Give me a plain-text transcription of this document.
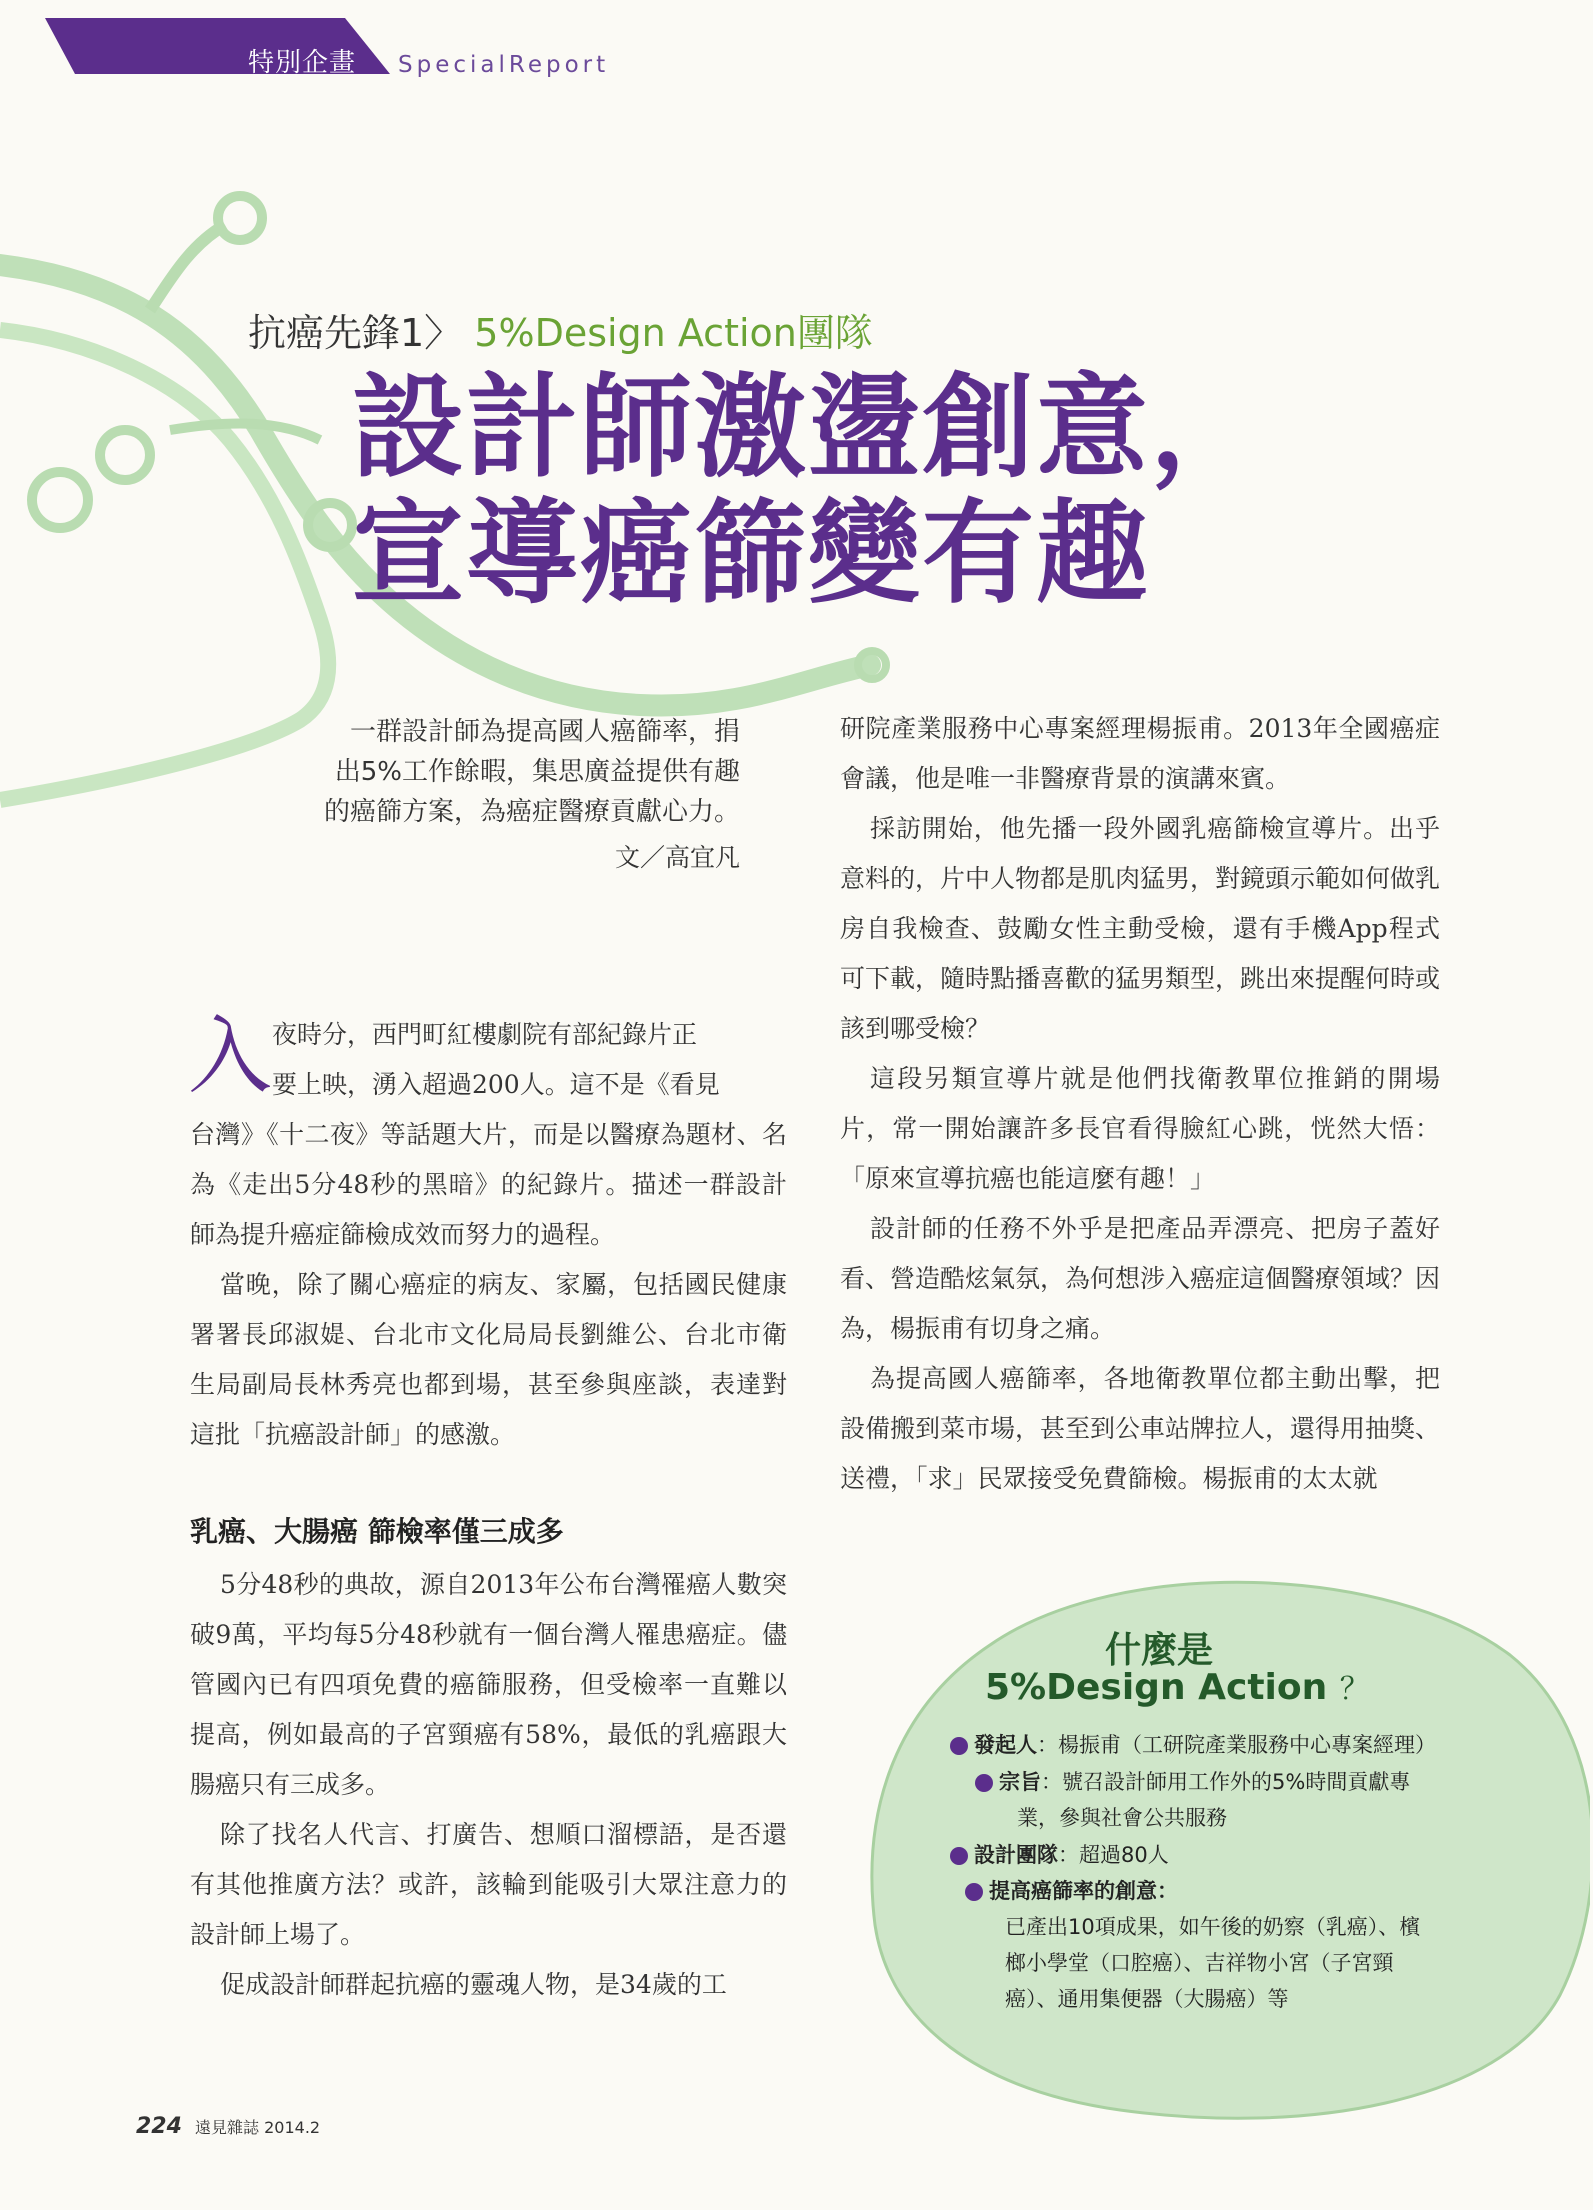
特別企畫 SpecialReport
抗癌先鋒1〉 5%Design Action團隊
設計師激盪創意，
宣導癌篩變有趣
一群設計師為提高國人癌篩率，捐
出5%工作餘暇，集思廣益提供有趣
的癌篩方案，為癌症醫療貢獻心力。
文／高宜凡
入 夜時分，西門町紅樓劇院有部紀錄片正
要上映，湧入超過200人。這不是《看見
台灣》《十二夜》等話題大片，而是以醫療為題材、名為《走出5分48秒的黑暗》的紀錄片。描述一群設計師為提升癌症篩檢成效而努力的過程。

當晚，除了關心癌症的病友、家屬，包括國民健康署署長邱淑媞、台北市文化局局長劉維公、台北市衛生局副局長林秀亮也都到場，甚至參與座談，表達對這批「抗癌設計師」的感激。

乳癌、大腸癌 篩檢率僅三成多

5分48秒的典故，源自2013年公布台灣罹癌人數突破9萬，平均每5分48秒就有一個台灣人罹患癌症。儘管國內已有四項免費的癌篩服務，但受檢率一直難以提高，例如最高的子宮頸癌有58%，最低的乳癌跟大腸癌只有三成多。

除了找名人代言、打廣告、想順口溜標語，是否還有其他推廣方法？或許，該輪到能吸引大眾注意力的設計師上場了。

促成設計師群起抗癌的靈魂人物，是34歲的工

研院產業服務中心專案經理楊振甫。2013年全國癌症會議，他是唯一非醫療背景的演講來賓。

採訪開始，他先播一段外國乳癌篩檢宣導片。出乎意料的，片中人物都是肌肉猛男，對鏡頭示範如何做乳房自我檢查、鼓勵女性主動受檢，還有手機App程式可下載，隨時點播喜歡的猛男類型，跳出來提醒何時或該到哪受檢？

這段另類宣導片就是他們找衛教單位推銷的開場片，常一開始讓許多長官看得臉紅心跳，恍然大悟：「原來宣導抗癌也能這麼有趣！」

設計師的任務不外乎是把產品弄漂亮、把房子蓋好看、營造酷炫氣氛，為何想涉入癌症這個醫療領域？因為，楊振甫有切身之痛。

為提高國人癌篩率，各地衛教單位都主動出擊，把設備搬到菜市場，甚至到公車站牌拉人，還得用抽獎、送禮，「求」民眾接受免費篩檢。楊振甫的太太就

什麼是
5%Design Action ？
發起人：楊振甫（工研院產業服務中心專案經理）
宗旨：號召設計師用工作外的5%時間貢獻專
業，參與社會公共服務
設計團隊：超過80人
提高癌篩率的創意：
已產出10項成果，如午後的奶察（乳癌）、檳
榔小學堂（口腔癌）、吉祥物小宮（子宮頸
癌）、通用集便器（大腸癌）等
224 遠見雜誌 2014.2
